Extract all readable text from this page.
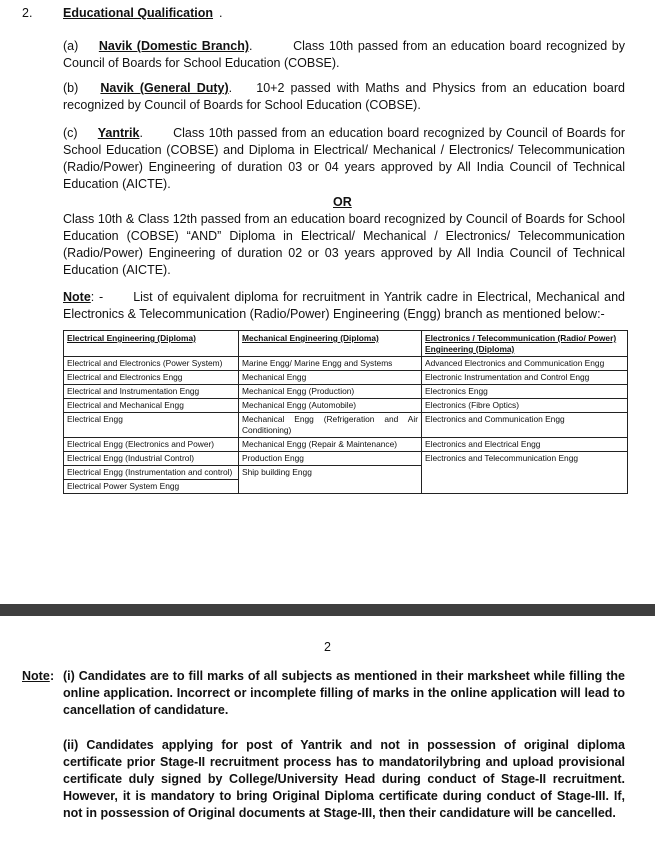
2. Educational Qualification .
(a) Navik (Domestic Branch).	Class 10th passed from an education board recognized by Council of Boards for School Education (COBSE).
(b) Navik (General Duty). 10+2 passed with Maths and Physics from an education board recognized by Council of Boards for School Education (COBSE).
(c) Yantrik. Class 10th passed from an education board recognized by Council of Boards for School Education (COBSE) and Diploma in Electrical/ Mechanical / Electronics/ Telecommunication (Radio/Power) Engineering of duration 03 or 04 years approved by All India Council of Technical Education (AICTE).
OR
Class 10th & Class 12th passed from an education board recognized by Council of Boards for School Education (COBSE) “AND” Diploma in Electrical/ Mechanical / Electronics/ Telecommunication (Radio/Power) Engineering of duration 02 or 03 years approved by All India Council of Technical Education (AICTE).
Note: - List of equivalent diploma for recruitment in Yantrik cadre in Electrical, Mechanical and Electronics & Telecommunication (Radio/Power) Engineering (Engg) branch as mentioned below:-
Electrical Engineering (Diploma)	Mechanical Engineering (Diploma)	Electronics / Telecommunication (Radio/ Power) Engineering (Diploma)
Electrical and Electronics (Power System)	Marine Engg/ Marine Engg and Systems	Advanced Electronics and Communication Engg
Electrical and Electronics Engg	Mechanical Engg	Electronic Instrumentation and Control Engg
Electrical and Instrumentation Engg	Mechanical Engg (Production)	Electronics Engg
Electrical and Mechanical Engg	Mechanical Engg (Automobile)	Electronics (Fibre Optics)
Electrical Engg	Mechanical Engg (Refrigeration and Air Conditioning)	Electronics and Communication Engg
Electrical Engg (Electronics and Power)	Mechanical Engg (Repair & Maintenance)	Electronics and Electrical Engg
Electrical Engg (Industrial Control)	Production Engg	Electronics and Telecommunication Engg
Electrical Engg (Instrumentation and control)	Ship building Engg	
Electrical Power System Engg		
2
Note : (i) Candidates are to fill marks of all subjects as mentioned in their marksheet while filling the online application. Incorrect or incomplete filling of marks in the online application will lead to cancellation of candidature.
(ii) Candidates applying for post of Yantrik and not in possession of original diploma certificate prior Stage-II recruitment process has to mandatorilybring and upload provisional certificate duly signed by College/University Head during conduct of Stage-II recruitment. However, it is mandatory to bring Original Diploma certificate during conduct of Stage-III. If, not in possession of Original documents at Stage-III, then their candidature will be cancelled.
